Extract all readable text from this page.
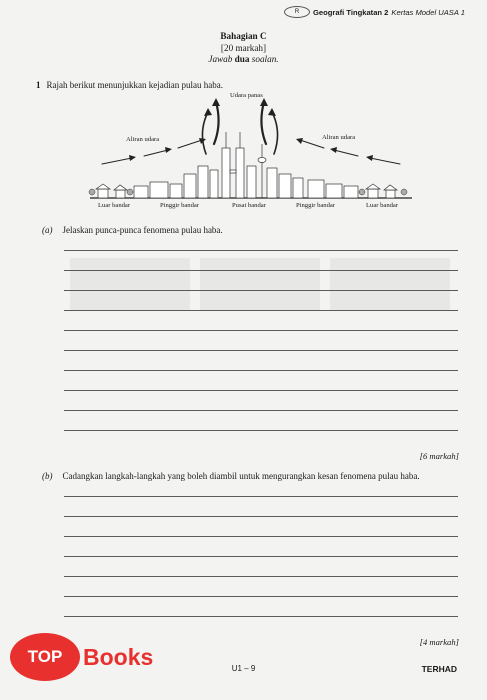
R	Geografi Tingkatan 2 Kertas Model UASA 1
Bahagian C
[20 markah]
Jawab dua soalan.
1 Rajah berikut menunjukkan kejadian pulau haba.
Udara panas
Aliran udara	Aliran udara
Luar bandar	Pinggir bandar	Pusat bandar	Pinggir bandar	Luar bandar
(a) Jelaskan punca-punca fenomena pulau haba.
[6 markah]
(b) Cadangkan langkah-langkah yang boleh diambil untuk mengurangkan kesan fenomena pulau haba.
[4 markah]
U1 – 9	TERHAD
TOP Books
